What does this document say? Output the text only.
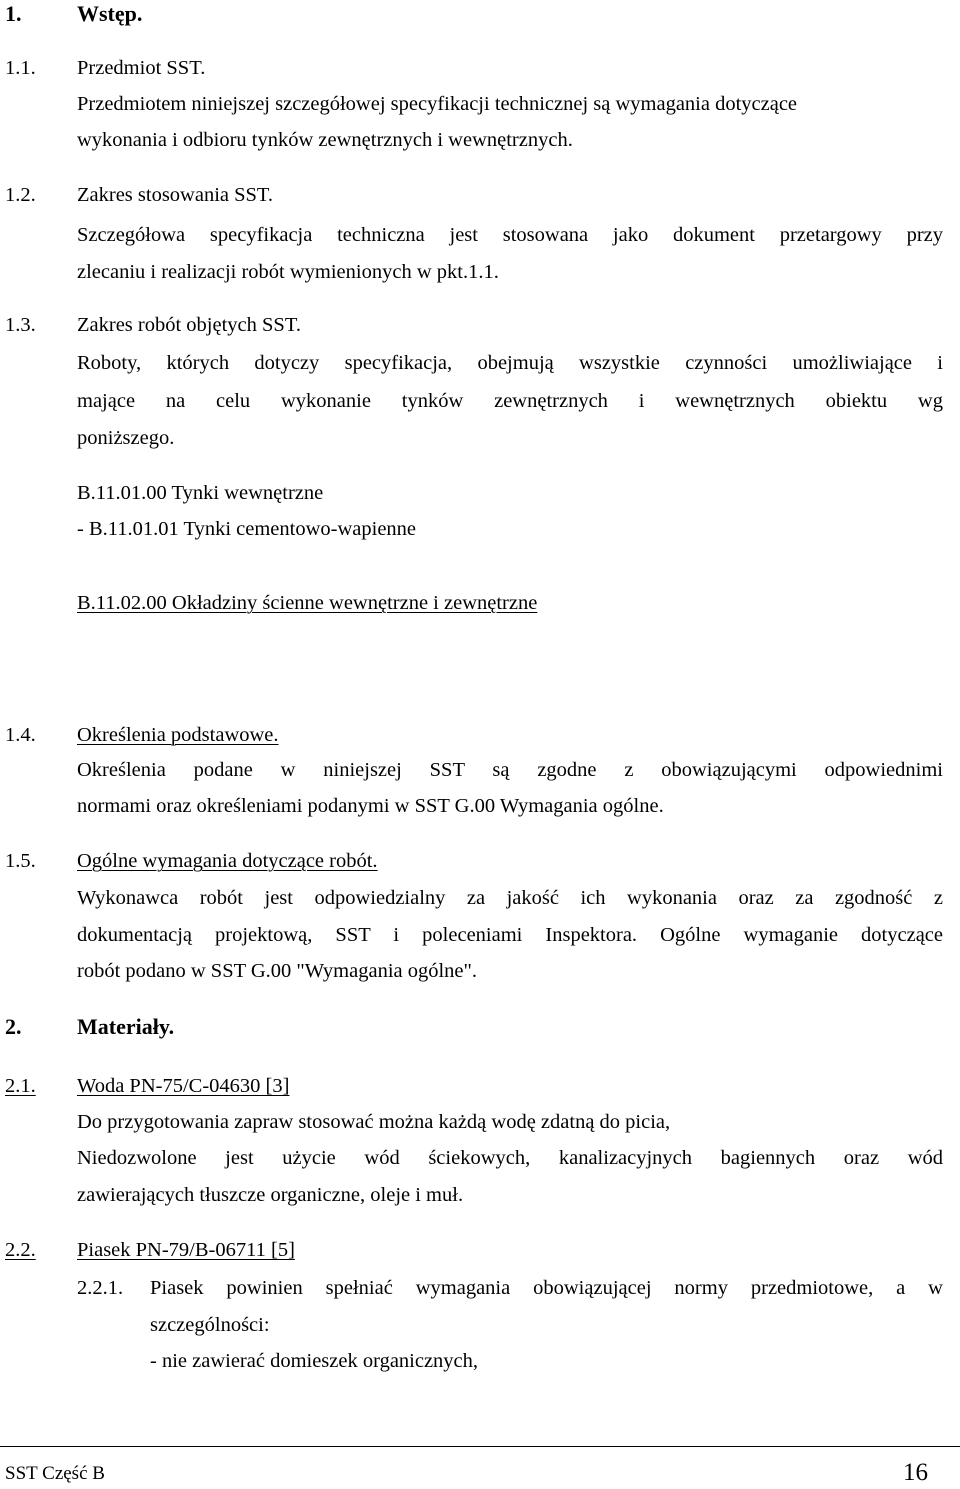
1.	Wstęp.
1.1. Przedmiot SST.
Przedmiotem niniejszej szczegółowej specyfikacji technicznej są wymagania dotyczące
wykonania i odbioru tynków zewnętrznych i wewnętrznych.
1.2. Zakres stosowania SST.
Szczegółowa specyfikacja techniczna jest stosowana jako dokument przetargowy przy
zlecaniu i realizacji robót wymienionych w pkt.1.1.
1.3. Zakres robót objętych SST.
Roboty, których dotyczy specyfikacja, obejmują wszystkie czynności umożliwiające i
mające na celu wykonanie tynków zewnętrznych i wewnętrznych obiektu wg
poniższego.
B.11.01.00 Tynki wewnętrzne
- B.11.01.01 Tynki cementowo-wapienne
B.11.02.00 Okładziny ścienne wewnętrzne i zewnętrzne
1.4. Określenia podstawowe.
Określenia podane w niniejszej SST są zgodne z obowiązującymi odpowiednimi
normami oraz określeniami podanymi w SST G.00 Wymagania ogólne.
1.5. Ogólne wymagania dotyczące robót.
Wykonawca robót jest odpowiedzialny za jakość ich wykonania oraz za zgodność z
dokumentacją projektową, SST i poleceniami Inspektora. Ogólne wymaganie dotyczące
robót podano w SST G.00 "Wymagania ogólne".
2.	Materiały.
2.1. Woda PN-75/C-04630 [3]
Do przygotowania zapraw stosować można każdą wodę zdatną do picia,
Niedozwolone jest użycie wód ściekowych, kanalizacyjnych bagiennych oraz wód
zawierających tłuszcze organiczne, oleje i muł.
2.2. Piasek PN-79/B-06711 [5]
2.2.1. Piasek powinien spełniać wymagania obowiązującej normy przedmiotowe, a w
szczególności:
- nie zawierać domieszek organicznych,
SST Część B	16
